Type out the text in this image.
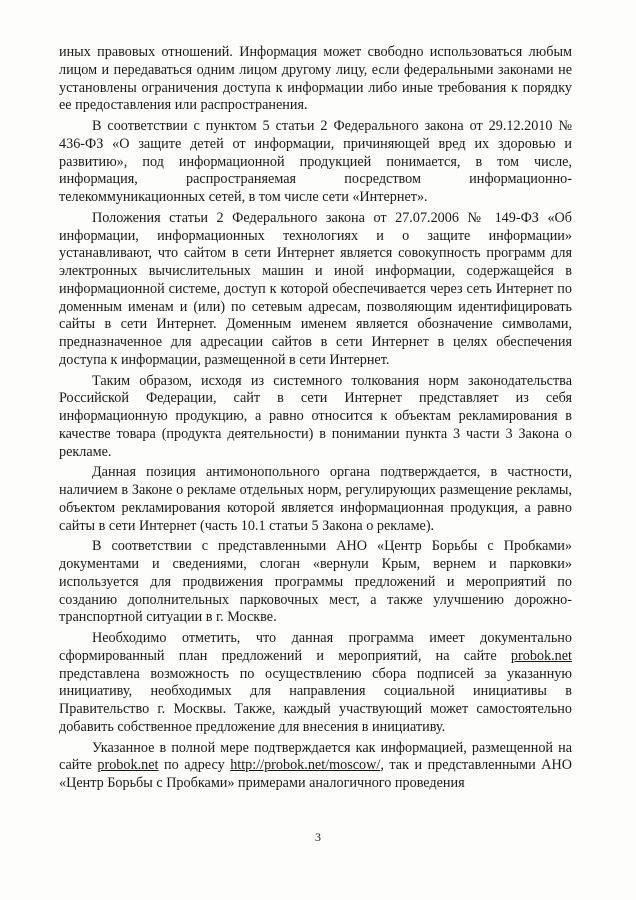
иных правовых отношений. Информация может свободно использоваться любым лицом и передаваться одним лицом другому лицу, если федеральными законами не установлены ограничения доступа к информации либо иные требования к порядку ее предоставления или распространения.

В соответствии с пунктом 5 статьи 2 Федерального закона от 29.12.2010 № 436-ФЗ «О защите детей от информации, причиняющей вред их здоровью и развитию», под информационной продукцией понимается, в том числе, информация, распространяемая посредством информационно-телекоммуникационных сетей, в том числе сети «Интернет».

Положения статьи 2 Федерального закона от 27.07.2006 № 149-ФЗ «Об информации, информационных технологиях и о защите информации» устанавливают, что сайтом в сети Интернет является совокупность программ для электронных вычислительных машин и иной информации, содержащейся в информационной системе, доступ к которой обеспечивается через сеть Интернет по доменным именам и (или) по сетевым адресам, позволяющим идентифицировать сайты в сети Интернет. Доменным именем является обозначение символами, предназначенное для адресации сайтов в сети Интернет в целях обеспечения доступа к информации, размещенной в сети Интернет.

Таким образом, исходя из системного толкования норм законодательства Российской Федерации, сайт в сети Интернет представляет из себя информационную продукцию, а равно относится к объектам рекламирования в качестве товара (продукта деятельности) в понимании пункта 3 части 3 Закона о рекламе.

Данная позиция антимонопольного органа подтверждается, в частности, наличием в Законе о рекламе отдельных норм, регулирующих размещение рекламы, объектом рекламирования которой является информационная продукция, а равно сайты в сети Интернет (часть 10.1 статьи 5 Закона о рекламе).

В соответствии с представленными АНО «Центр Борьбы с Пробками» документами и сведениями, слоган «вернули Крым, вернем и парковки» используется для продвижения программы предложений и мероприятий по созданию дополнительных парковочных мест, а также улучшению дорожно-транспортной ситуации в г. Москве.

Необходимо отметить, что данная программа имеет документально сформированный план предложений и мероприятий, на сайте probok.net представлена возможность по осуществлению сбора подписей за указанную инициативу, необходимых для направления социальной инициативы в Правительство г. Москвы. Также, каждый участвующий может самостоятельно добавить собственное предложение для внесения в инициативу.

Указанное в полной мере подтверждается как информацией, размещенной на сайте probok.net по адресу http://probok.net/moscow/, так и представленными АНО «Центр Борьбы с Пробками» примерами аналогичного проведения

3
